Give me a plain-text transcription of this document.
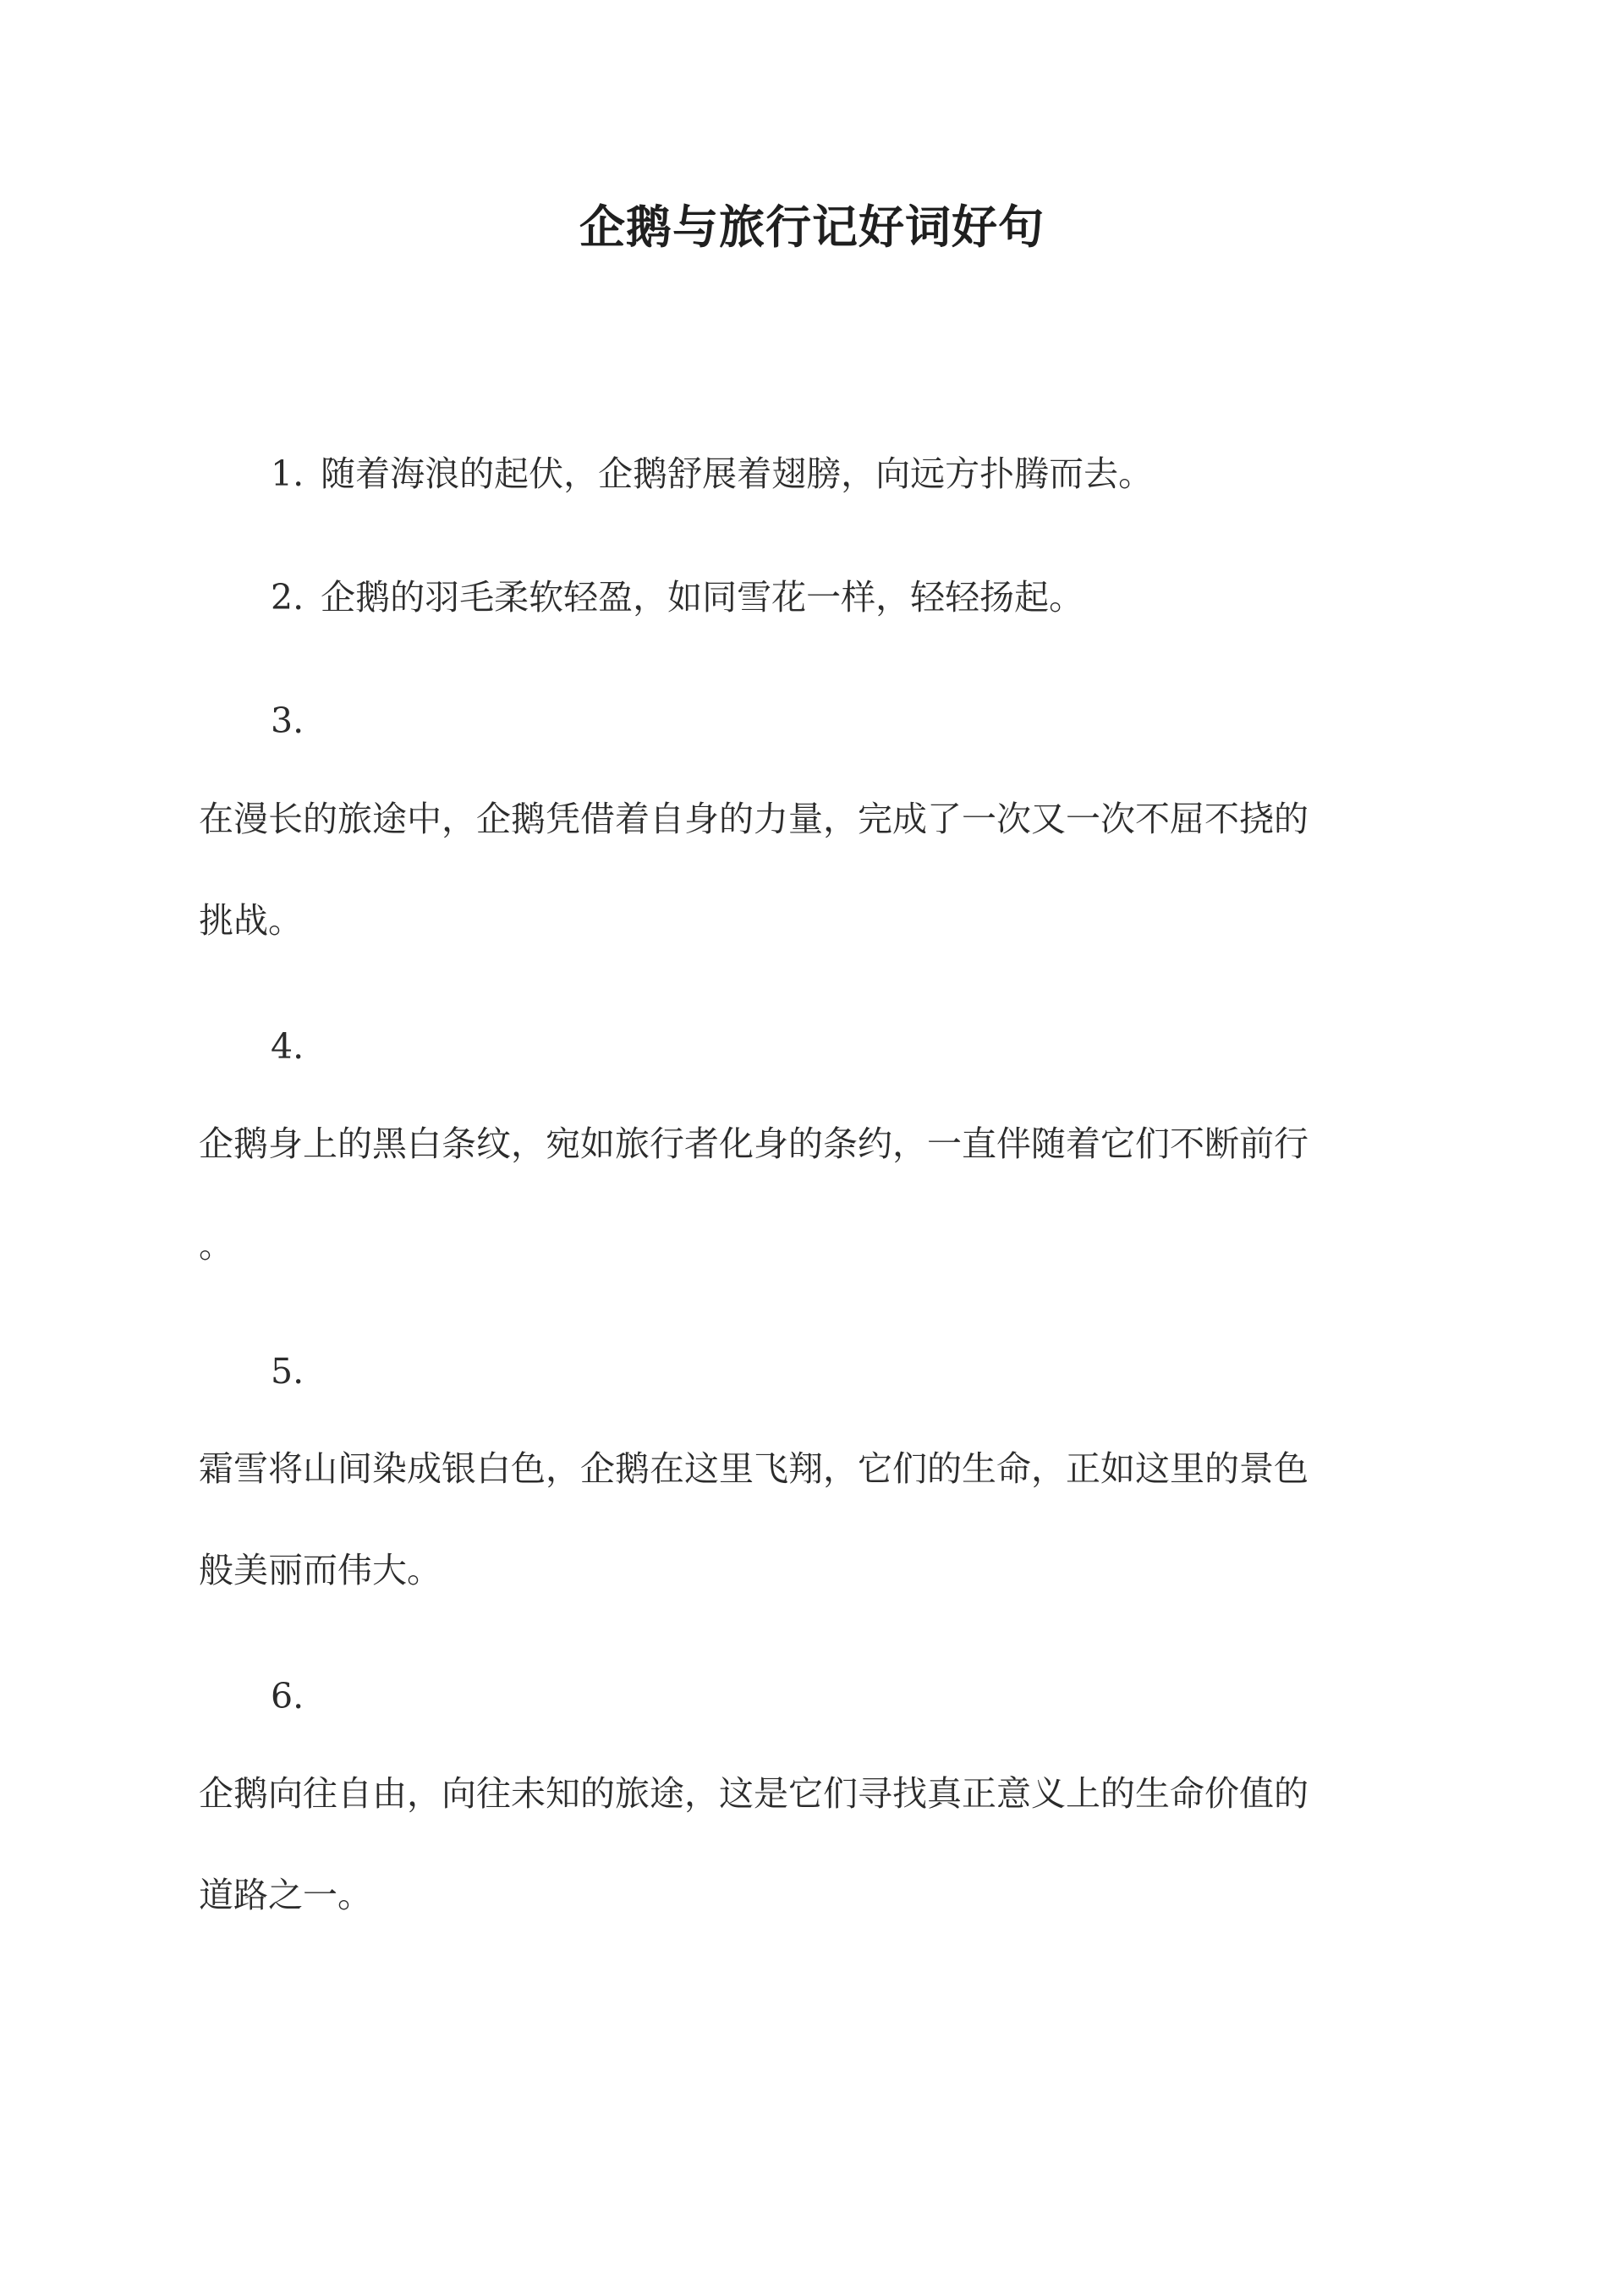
企鹅与旅行记好词好句
1. 随着海浪的起伏，企鹅舒展着翅膀，向远方扑腾而去。
2. 企鹅的羽毛柔软轻盈，如同雪花一样，轻轻扬起。
3.
在漫长的旅途中，企鹅凭借着自身的力量，完成了一次又一次不屈不挠的
挑战。
4.
企鹅身上的黑白条纹，宛如旅行者化身的条约，一直伴随着它们不断前行
。
5.
霜雪将山间染成银白色，企鹅在这里飞翔，它们的生命，正如这里的景色
般美丽而伟大。
6.
企鹅向往自由，向往未知的旅途，这是它们寻找真正意义上的生命价值的
道路之一。
